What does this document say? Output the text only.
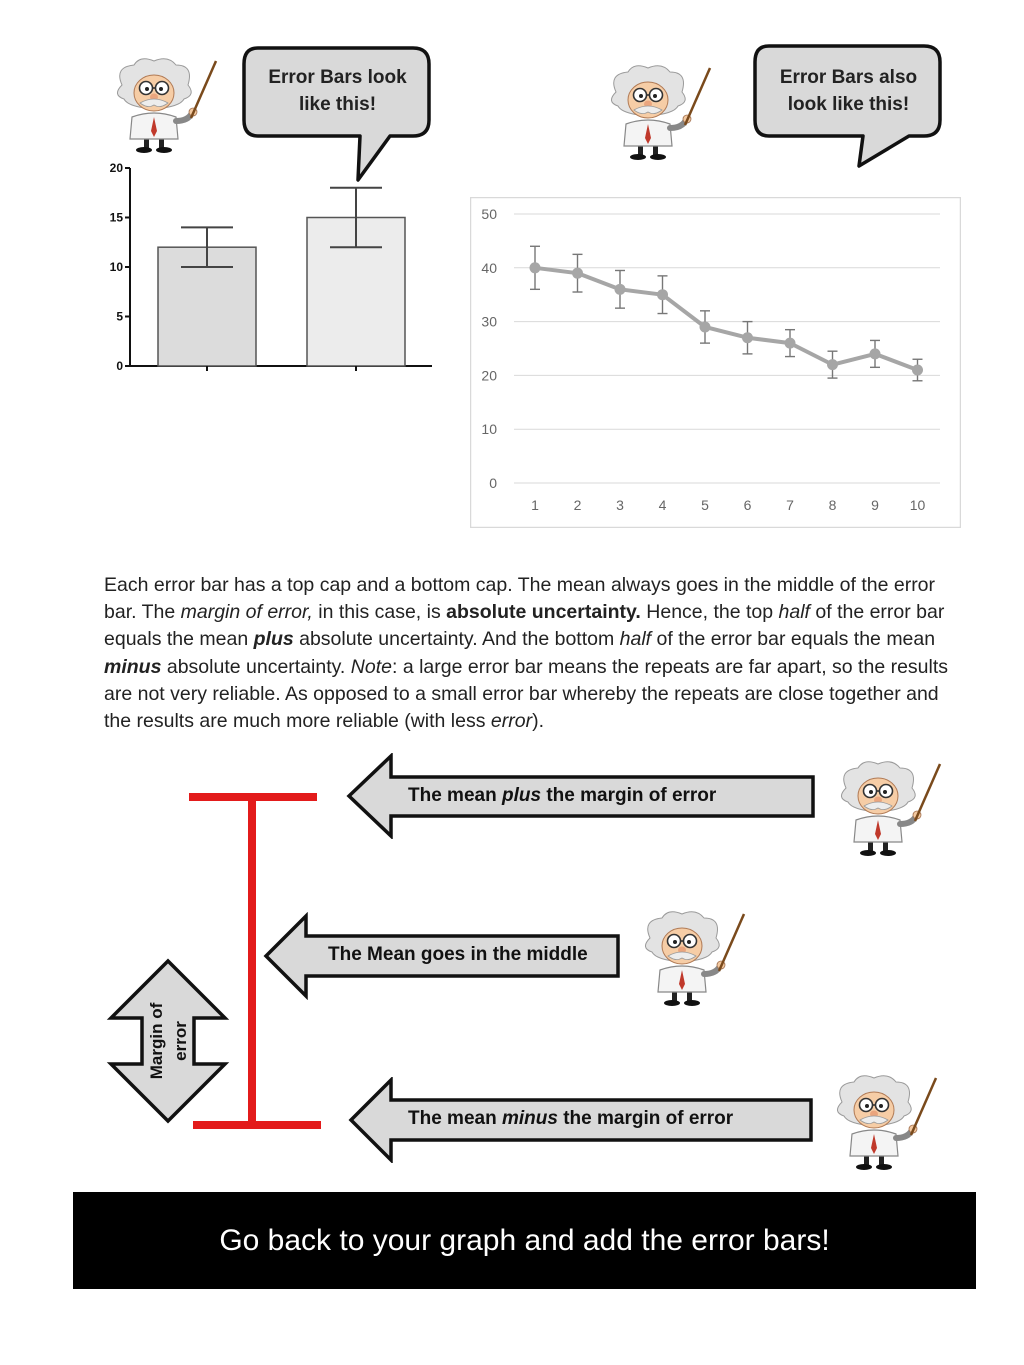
Error Bars look
like this!
Error Bars also
look like this!
0
5
10
15
20
0
10
20
30
40
50
1 2 3 4 5 6 7 8 9 10
Each error bar has a top cap and a bottom cap. The mean always goes in the middle of the error bar. The margin of error, in this case, is absolute uncertainty. Hence, the top half of the error bar equals the mean plus absolute uncertainty. And the bottom half of the error bar equals the mean minus absolute uncertainty. Note: a large error bar means the repeats are far apart, so the results are not very reliable. As opposed to a small error bar whereby the repeats are close together and the results are much more reliable (with less error).
Margin of error
The mean plus the margin of error
The Mean goes in the middle
The mean minus the margin of error
Go back to your graph and add the error bars!
